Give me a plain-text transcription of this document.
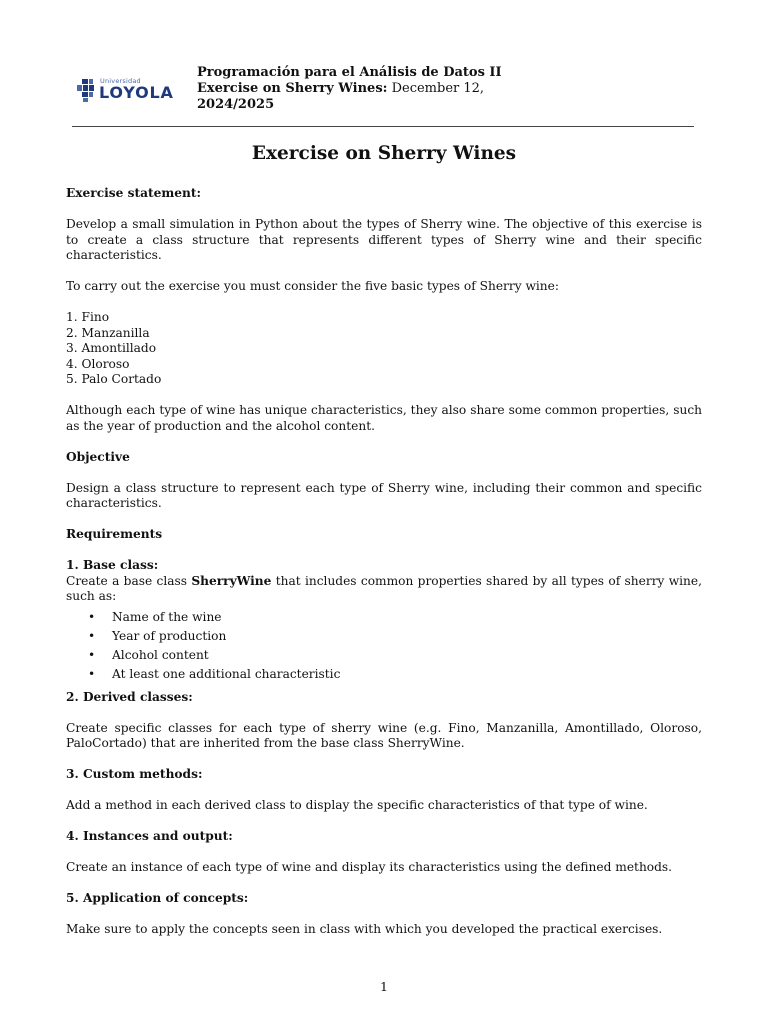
Universidad
LOYOLA
Programación para el Análisis de Datos II
Exercise on Sherry Wines: December 12,
2024/2025
Exercise on Sherry Wines

Exercise statement:

Develop a small simulation in Python about the types of Sherry wine. The objective of this exercise is to create a class structure that represents different types of Sherry wine and their specific characteristics.

To carry out the exercise you must consider the five basic types of Sherry wine:

1. Fino
2. Manzanilla
3. Amontillado
4. Oloroso
5. Palo Cortado

Although each type of wine has unique characteristics, they also share some common properties, such as the year of production and the alcohol content.

Objective

Design a class structure to represent each type of Sherry wine, including their common and specific characteristics.

Requirements

1. Base class:

Create a base class SherryWine that includes common properties shared by all types of sherry wine, such as:

• Name of the wine
• Year of production
• Alcohol content
• At least one additional characteristic

2. Derived classes:

Create specific classes for each type of sherry wine (e.g. Fino, Manzanilla, Amontillado, Oloroso, PaloCortado) that are inherited from the base class SherryWine.

3. Custom methods:

Add a method in each derived class to display the specific characteristics of that type of wine.

4. Instances and output:

Create an instance of each type of wine and display its characteristics using the defined methods.

5. Application of concepts:

Make sure to apply the concepts seen in class with which you developed the practical exercises.

1
